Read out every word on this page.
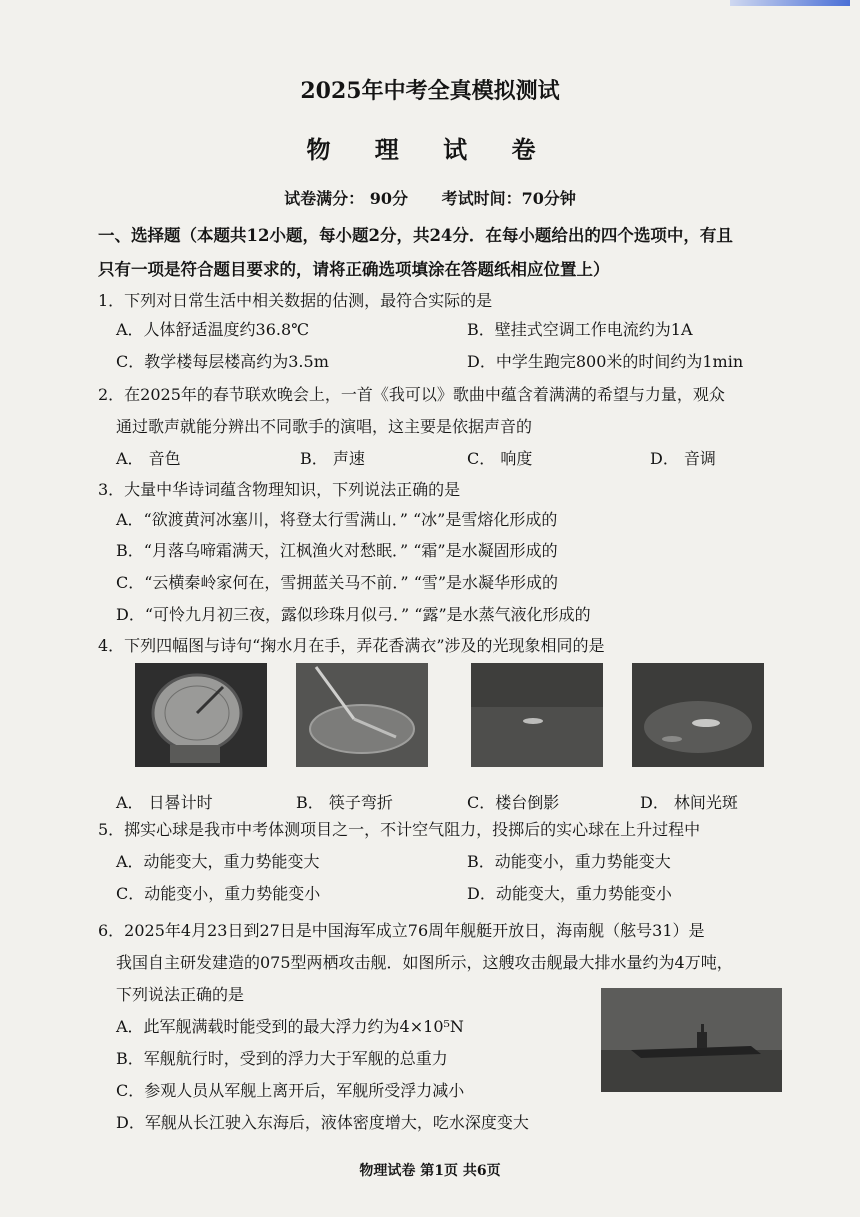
2025年中考全真模拟测试
物 理 试 卷
试卷满分： 90分 考试时间：70分钟
一、选择题（本题共12小题，每小题2分，共24分．在每小题给出的四个选项中，有且
只有一项是符合题目要求的，请将正确选项填涂在答题纸相应位置上）
1．下列对日常生活中相关数据的估测，最符合实际的是
A．人体舒适温度约36.8℃	B．壁挂式空调工作电流约为1A
C．教学楼每层楼高约为3.5m	D．中学生跑完800米的时间约为1min
2．在2025年的春节联欢晚会上，一首《我可以》歌曲中蕴含着满满的希望与力量，观众
通过歌声就能分辨出不同歌手的演唱，这主要是依据声音的
A． 音色	B． 声速	C． 响度	D． 音调
3．大量中华诗词蕴含物理知识，下列说法正确的是
A．“欲渡黄河冰塞川，将登太行雪满山．” “冰”是雪熔化形成的
B．“月落乌啼霜满天，江枫渔火对愁眠．” “霜”是水凝固形成的
C．“云横秦岭家何在，雪拥蓝关马不前．” “雪”是水凝华形成的
D．“可怜九月初三夜，露似珍珠月似弓．” “露”是水蒸气液化形成的
4．下列四幅图与诗句“掬水月在手，弄花香满衣”涉及的光现象相同的是
A． 日晷计时	B． 筷子弯折	C．楼台倒影	D． 林间光斑
5．掷实心球是我市中考体测项目之一，不计空气阻力，投掷后的实心球在上升过程中
A．动能变大，重力势能变大	B．动能变小，重力势能变大
C．动能变小，重力势能变小	D．动能变大，重力势能变小
6．2025年4月23日到27日是中国海军成立76周年舰艇开放日，海南舰（舷号31）是
我国自主研发建造的075型两栖攻击舰．如图所示，这艘攻击舰最大排水量约为4万吨，
下列说法正确的是
A．此军舰满载时能受到的最大浮力约为4×10⁵N
B．军舰航行时，受到的浮力大于军舰的总重力
C．参观人员从军舰上离开后，军舰所受浮力减小
D．军舰从长江驶入东海后，液体密度增大，吃水深度变大
物理试卷 第1页 共6页
